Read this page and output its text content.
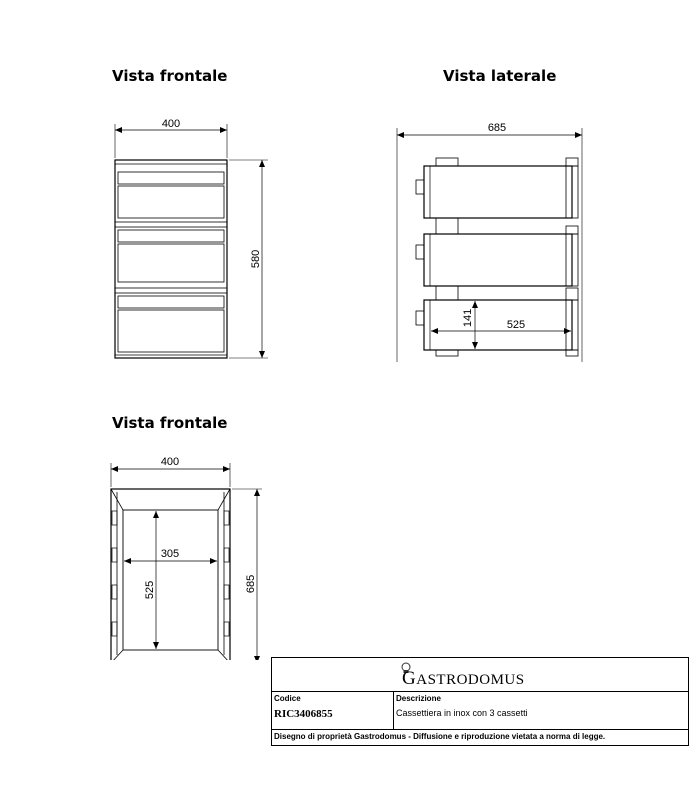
Vista frontale	Vista laterale
Vista frontale
400
580
685
141	525
400
305
525	685
GASTRODOMUS
Codice
RIC3406855
Descrizione
Cassettiera in inox con 3 cassetti
Disegno di proprietà Gastrodomus - Diffusione e riproduzione vietata a norma di legge.
